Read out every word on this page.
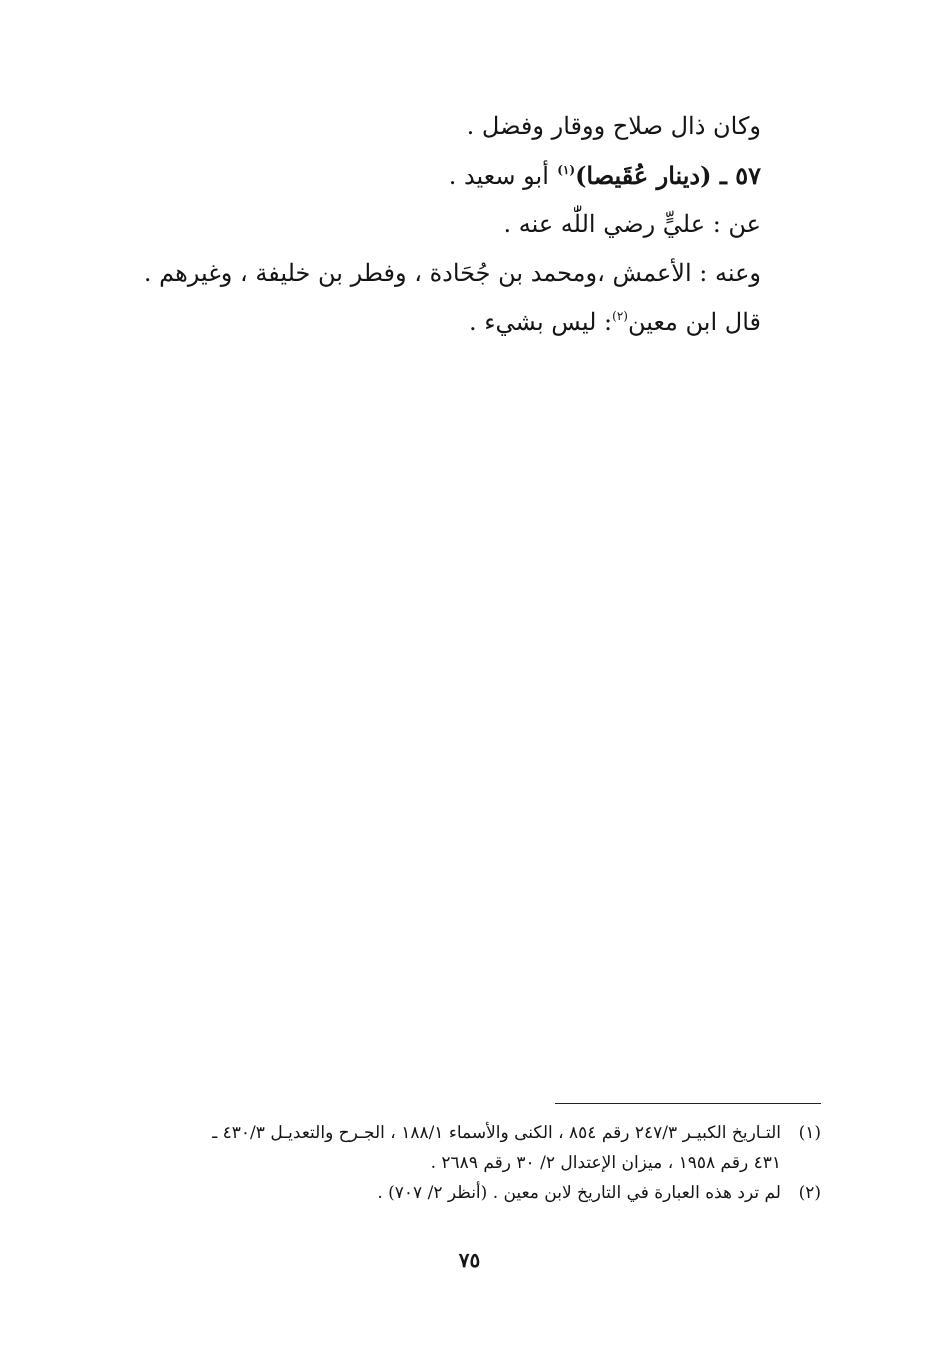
وكان ذال صلاح ووقار وفضل .
٥٧ ـ (دينار عُقَيصا)$^{(١)}$ أبو سعيد .
عن : عليٍّ رضي اللّٰه عنه .
وعنه : الأعمش ،ومحمد بن جُحَادة ، وفطر بن خليفة ، وغيرهم .
قال ابن معين$^{(٢)}$: ليس بشيء .
(١)
التـاريخ الكبيـر ٢٤٧/٣ رقم ٨٥٤ ، الكنى والأسماء ١٨٨/١ ، الجـرح والتعديـل ٤٣٠/٣ ـ
٤٣١ رقم ١٩٥٨ ، ميزان الإعتدال ٢/ ٣٠ رقم ٢٦٨٩ .
(٢)
لم ترد هذه العبارة في التاريخ لابن معين . (أنظر ٢/ ٧٠٧) .
٧٥
